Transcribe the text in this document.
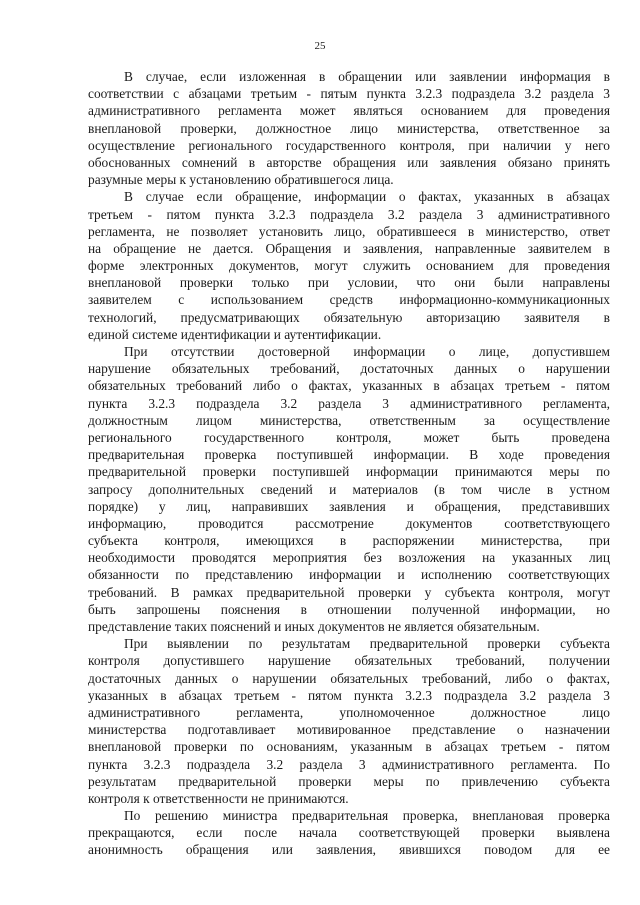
25
В случае, если изложенная в обращении или заявлении информация в
соответствии с абзацами третьим - пятым пункта 3.2.3 подраздела 3.2 раздела 3
административного регламента может являться основанием для проведения
внеплановой проверки, должностное лицо министерства, ответственное за
осуществление регионального государственного контроля, при наличии у него
обоснованных сомнений в авторстве обращения или заявления обязано принять
разумные меры к установлению обратившегося лица.
В случае если обращение, информации о фактах, указанных в абзацах
третьем - пятом пункта 3.2.3 подраздела 3.2 раздела 3 административного
регламента, не позволяет установить лицо, обратившееся в министерство, ответ
на обращение не дается. Обращения и заявления, направленные заявителем в
форме электронных документов, могут служить основанием для проведения
внеплановой проверки только при условии, что они были направлены
заявителем с использованием средств информационно-коммуникационных
технологий, предусматривающих обязательную авторизацию заявителя в
единой системе идентификации и аутентификации.
При отсутствии достоверной информации о лице, допустившем
нарушение обязательных требований, достаточных данных о нарушении
обязательных требований либо о фактах, указанных в абзацах третьем - пятом
пункта 3.2.3 подраздела 3.2 раздела 3 административного регламента,
должностным лицом министерства, ответственным за осуществление
регионального государственного контроля, может быть проведена
предварительная проверка поступившей информации. В ходе проведения
предварительной проверки поступившей информации принимаются меры по
запросу дополнительных сведений и материалов (в том числе в устном
порядке) у лиц, направивших заявления и обращения, представивших
информацию, проводится рассмотрение документов соответствующего
субъекта контроля, имеющихся в распоряжении министерства, при
необходимости проводятся мероприятия без возложения на указанных лиц
обязанности по представлению информации и исполнению соответствующих
требований. В рамках предварительной проверки у субъекта контроля, могут
быть запрошены пояснения в отношении полученной информации, но
представление таких пояснений и иных документов не является обязательным.
При выявлении по результатам предварительной проверки субъекта
контроля допустившего нарушение обязательных требований, получении
достаточных данных о нарушении обязательных требований, либо о фактах,
указанных в абзацах третьем - пятом пункта 3.2.3 подраздела 3.2 раздела 3
административного регламента, уполномоченное должностное лицо
министерства подготавливает мотивированное представление о назначении
внеплановой проверки по основаниям, указанным в абзацах третьем - пятом
пункта 3.2.3 подраздела 3.2 раздела 3 административного регламента. По
результатам предварительной проверки меры по привлечению субъекта
контроля к ответственности не принимаются.
По решению министра предварительная проверка, внеплановая проверка
прекращаются, если после начала соответствующей проверки выявлена
анонимность обращения или заявления, явившихся поводом для ее
